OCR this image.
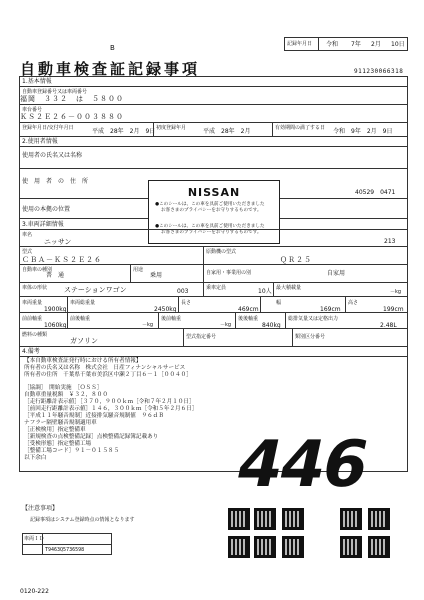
B
自動車検査証記録事項
記録年月日 令和 7年 2月 10日
911230066318
1.基本情報
自動車登録番号又は車両番号
福岡　３３２　は　５８００
車台番号
ＫＳ２Ｅ２６－００３８８０
登録年月日/交付年月日	平成　28年　2月　9日 初度登録年月	平成　28年　2月	有効期間の満了する日 令和　9年　2月　9日
2.使用者情報
使用者の氏名又は名称
使　用　者　の　住　所
40529　0471
使用の本拠の位置
NISSAN
●このシールは、この車を具前ご使用いただきました
お客さまのプライバシーをお守りするものです。
●このシールは、この車を具前ご使用いただきました
お客さまのプライバシーをお守りするものです。
3.車両詳細情報
車名
ニッサン	213
型式
ＣＢＡ－ＫＳ２Ｅ２６
原動機の型式
ＱＲ２５
自動車の種別
普　通
用途
乗用	自家用・事業用の別	自家用
車体の形状 ステーションワゴン	003	乗車定員	10人 最大積載量
－kg
車両重量
1900kg
車両総重量
2450kg
長さ
469cm
幅
169cm
高さ
199cm
前前軸重
1060kg
前後軸重
－kg
後前軸重
－kg
後後軸重
840kg
総排気量又は定格出力
2.48L
燃料の種類
ガソリン	型式指定番号	類別区分番号
4.備考
【本自動車検査証発行時における所有者情報】
所有者の氏名又は名称　株式会社　日産フィナンシャルサービス
所有者の住所　千葉県千葉市美浜区中瀬２丁目６－１［００４０］
［協調］　開始実施　［ＯＳＳ］
自動車重量税額　￥３２，８００
［走行距離計表示値］［３７０，９００ｋｍ［令和７年２月１０日］
［前回走行距離計表示値］１４６，３００ｋｍ［令和５年２月６日］
［平成１１年騒音規制］近接排気騒音規制値　９６ｄＢ
ナフラー隔壁騒音規制適用車
［正検検用］指定整備車
［新規検査の点検整備記録］点検整備記録簿記載あり
［受検形態］指定整備工場
［整備工場コード］９１－０１５８５
以下余白	446
【注意事項】
記録事項はシステム登録時点の情報となります
車両ＩＤ
T9463Q5736598
0120-222
